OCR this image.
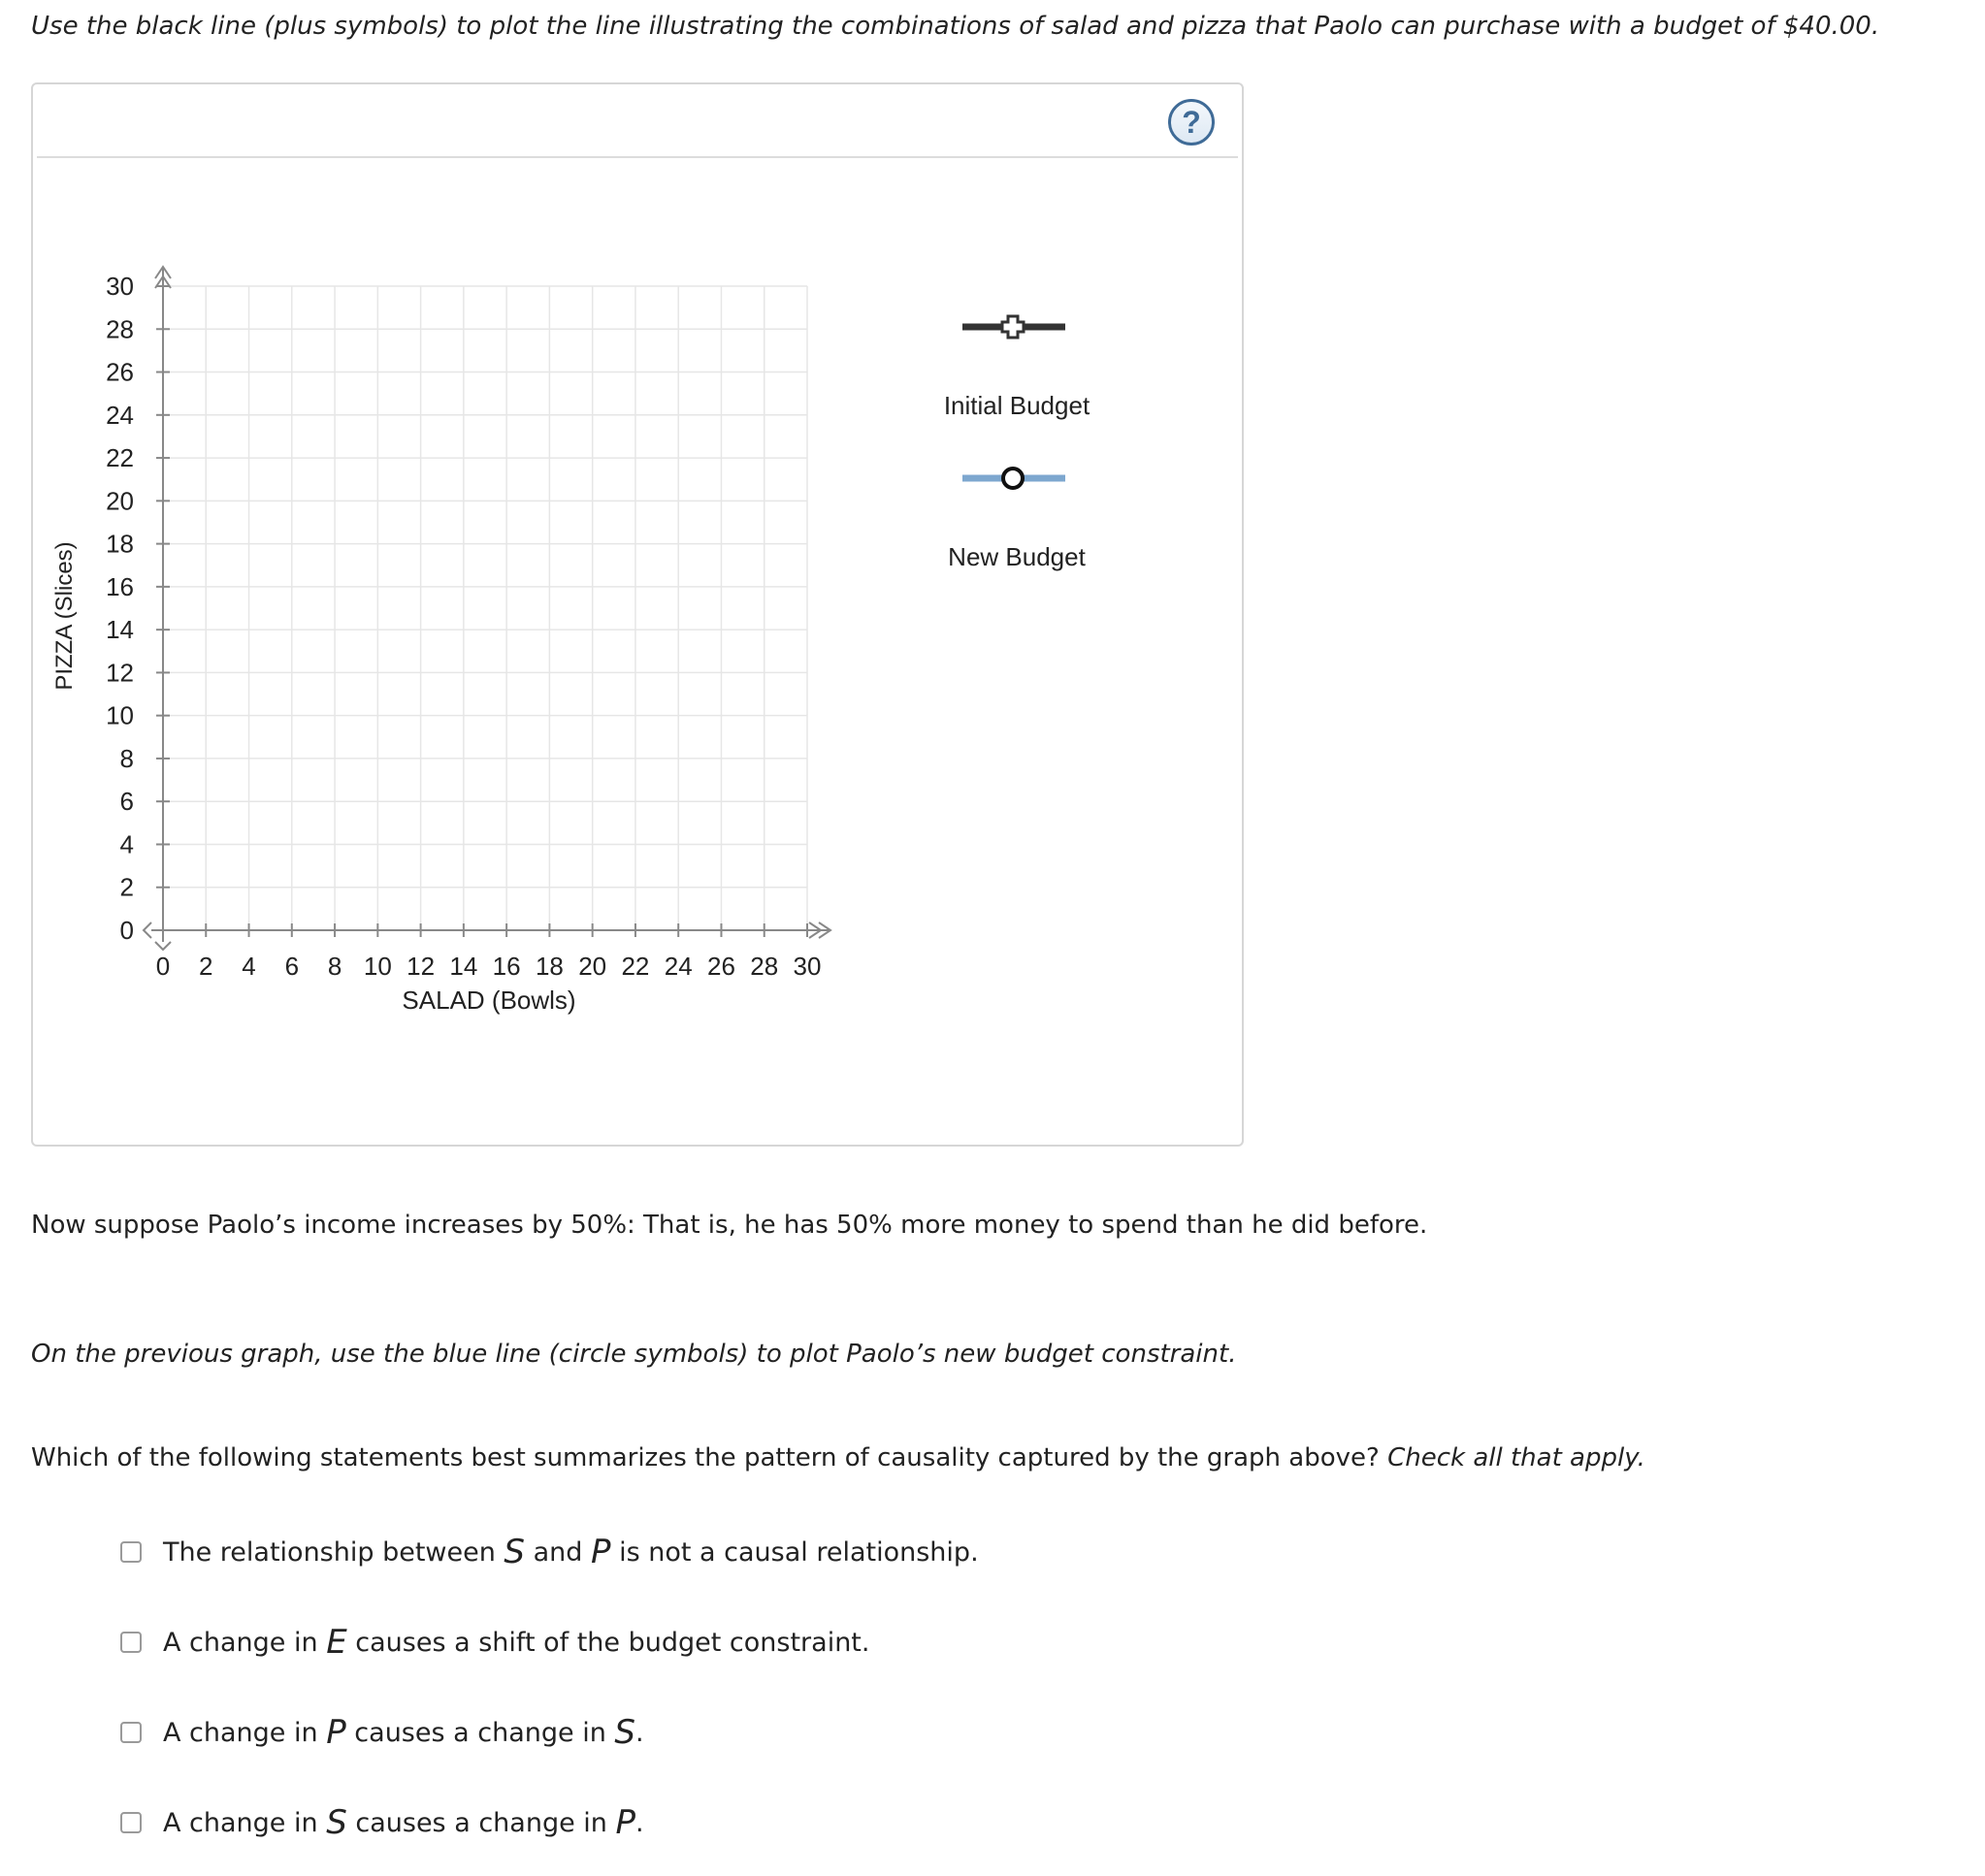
Use the black line (plus symbols) to plot the line illustrating the combinations of salad and pizza that Paolo can purchase with a budget of $40.00.

?
0 2 4 6 8 10 12 14 16 18 20 22 24 26 28 30
0
2
4
6
8
10
12
14
16
18
20
22
24
26
28
30
SALAD (Bowls)
PIZZA (Slices)
Initial Budget
New Budget

Now suppose Paolo’s income increases by 50%: That is, he has 50% more money to spend than he did before.

On the previous graph, use the blue line (circle symbols) to plot Paolo’s new budget constraint.

Which of the following statements best summarizes the pattern of causality captured by the graph above? Check all that apply.

The relationship between S and P is not a causal relationship.
A change in E causes a shift of the budget constraint.
A change in P causes a change in S .
A change in S causes a change in P .
